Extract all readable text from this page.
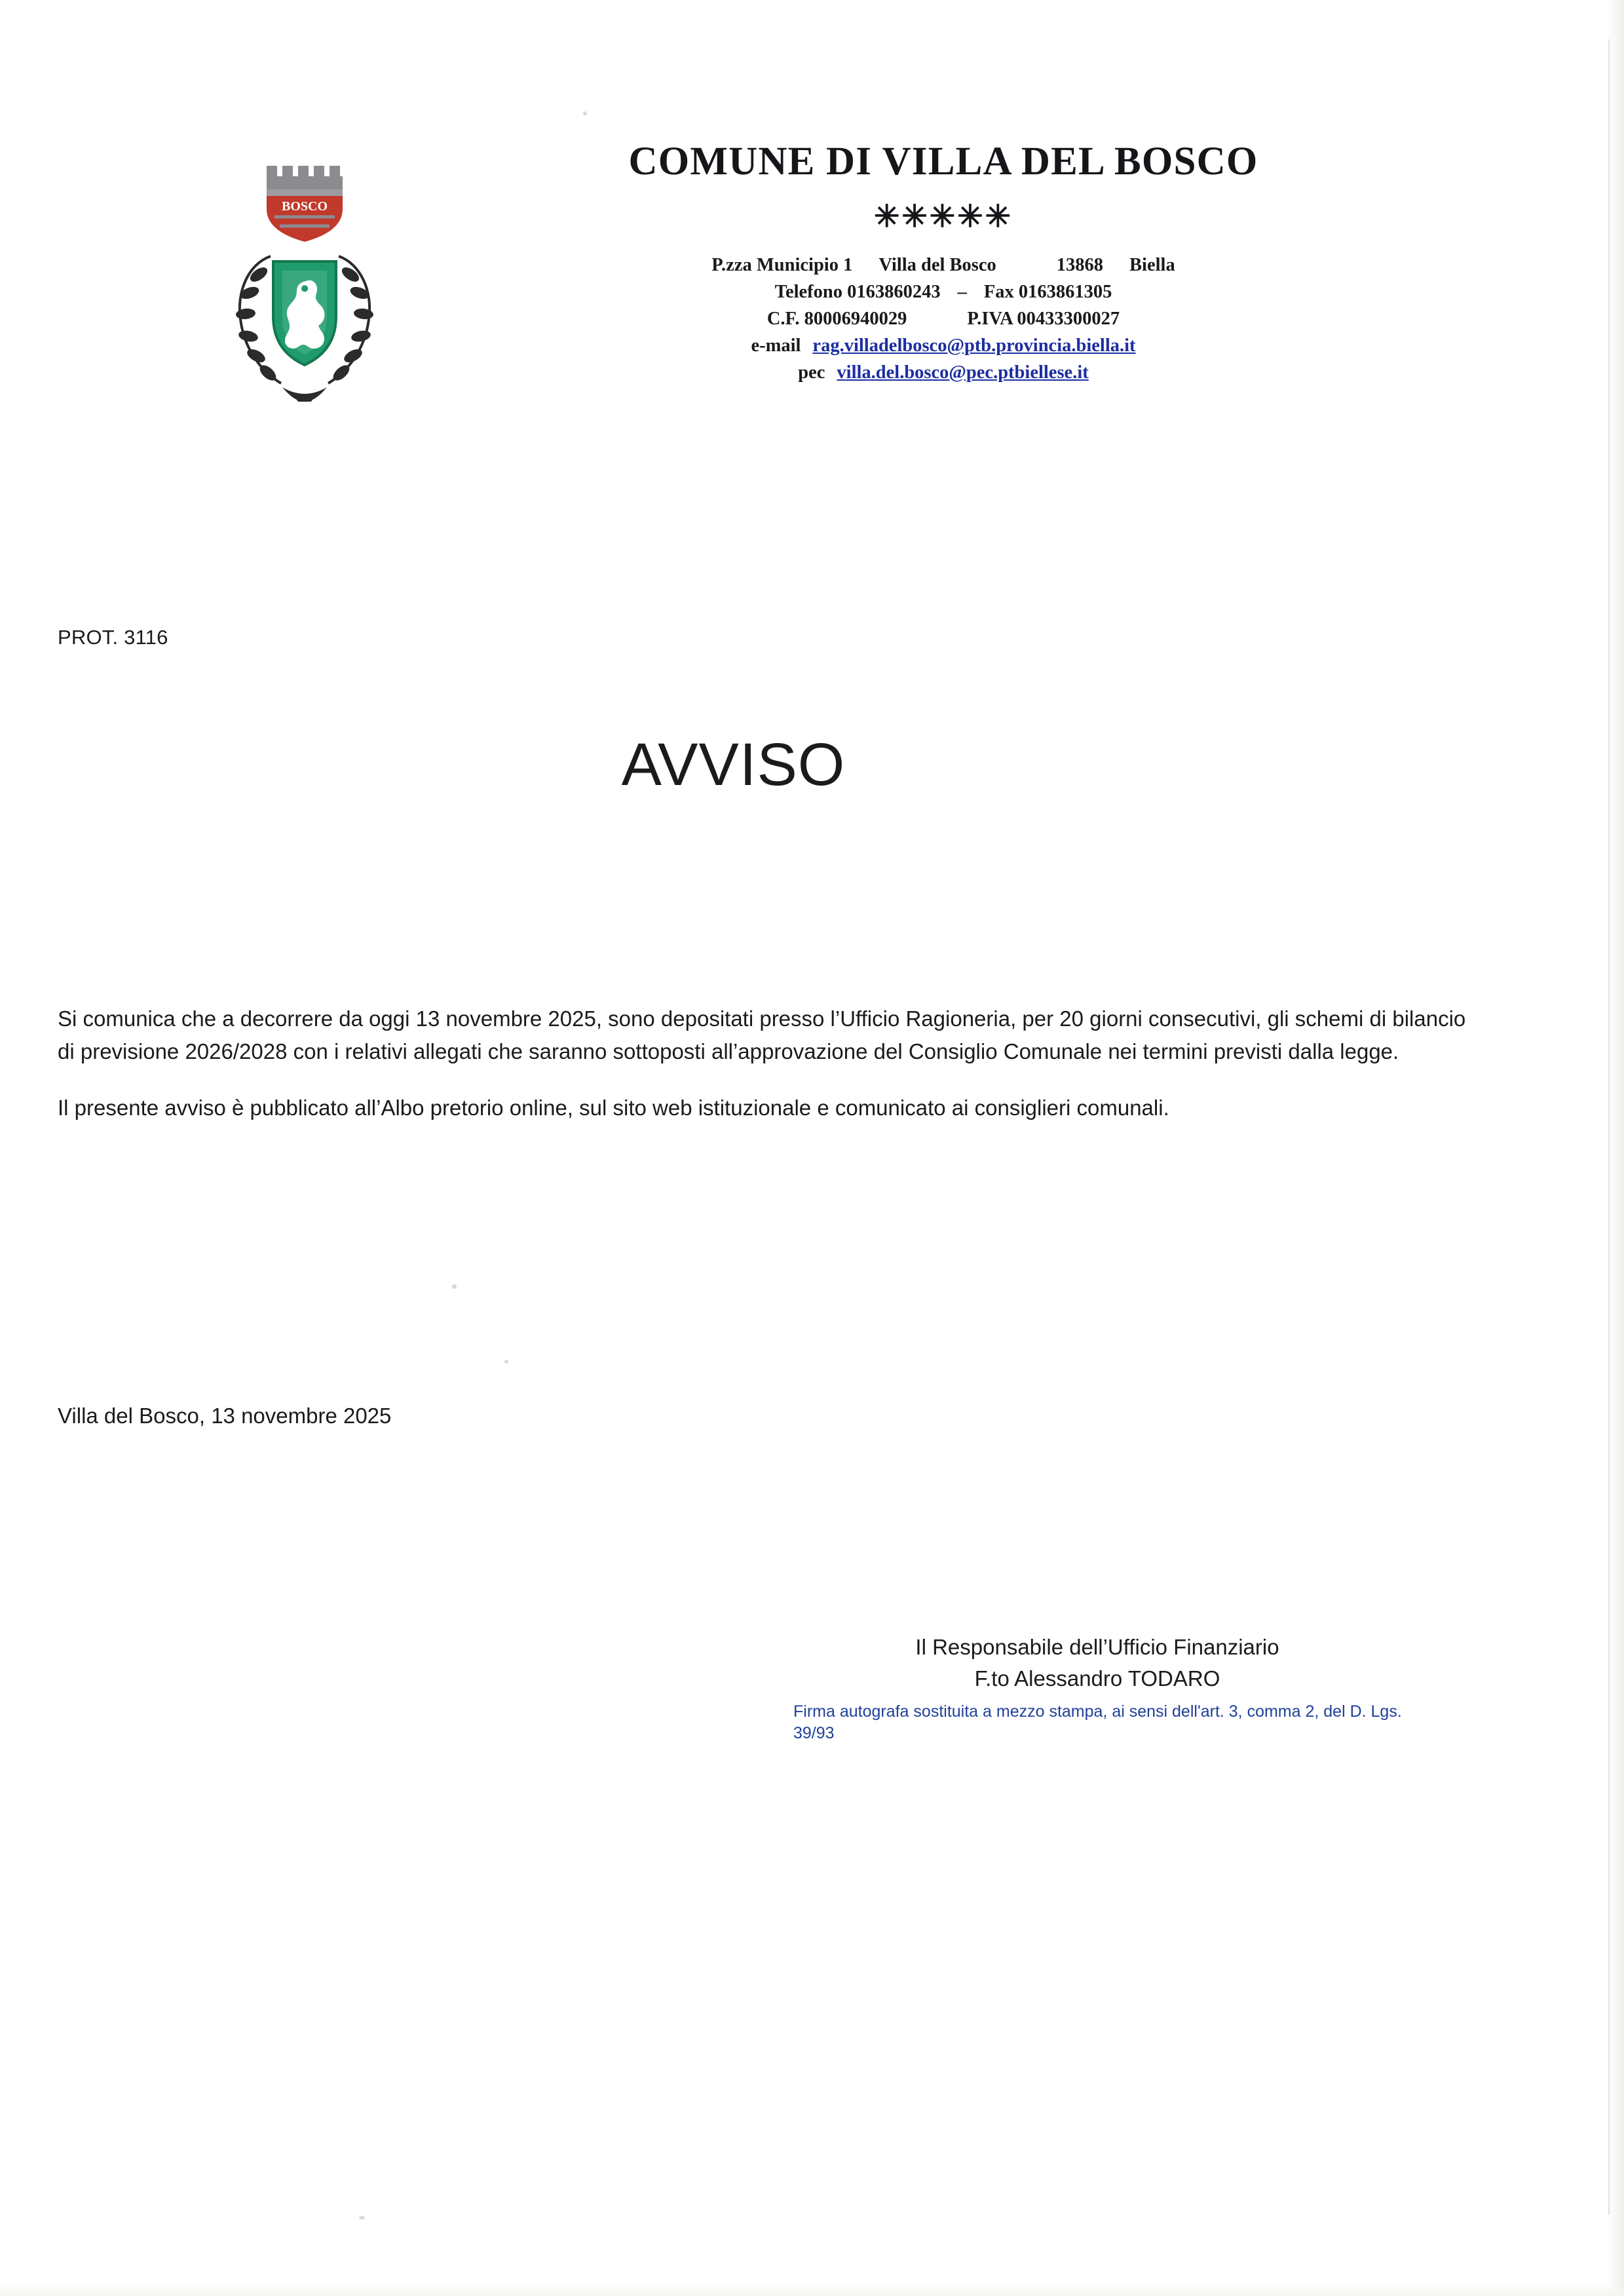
BOSCO
COMUNE DI VILLA DEL BOSCO
✳✳✳✳✳
P.zza Municipio 1 Villa del Bosco	13868 Biella
Telefono 0163860243 – Fax 0163861305
C.F. 80006940029	P.IVA 00433300027
e-mail rag.villadelbosco@ptb.provincia.biella.it
pec villa.del.bosco@pec.ptbiellese.it
PROT. 3116
AVVISO

Si comunica che a decorrere da oggi 13 novembre 2025, sono depositati presso l’Ufficio Ragioneria, per 20 giorni consecutivi, gli schemi di bilancio di previsione 2026/2028 con i relativi allegati che saranno sottoposti all’approvazione del Consiglio Comunale nei termini previsti dalla legge.

Il presente avviso è pubblicato all’Albo pretorio online, sul sito web istituzionale e comunicato ai consiglieri comunali.

Villa del Bosco, 13 novembre 2025
Il Responsabile dell’Ufficio Finanziario
F.to Alessandro TODARO
Firma autografa sostituita a mezzo stampa, ai sensi dell'art. 3, comma 2, del D. Lgs. 39/93
